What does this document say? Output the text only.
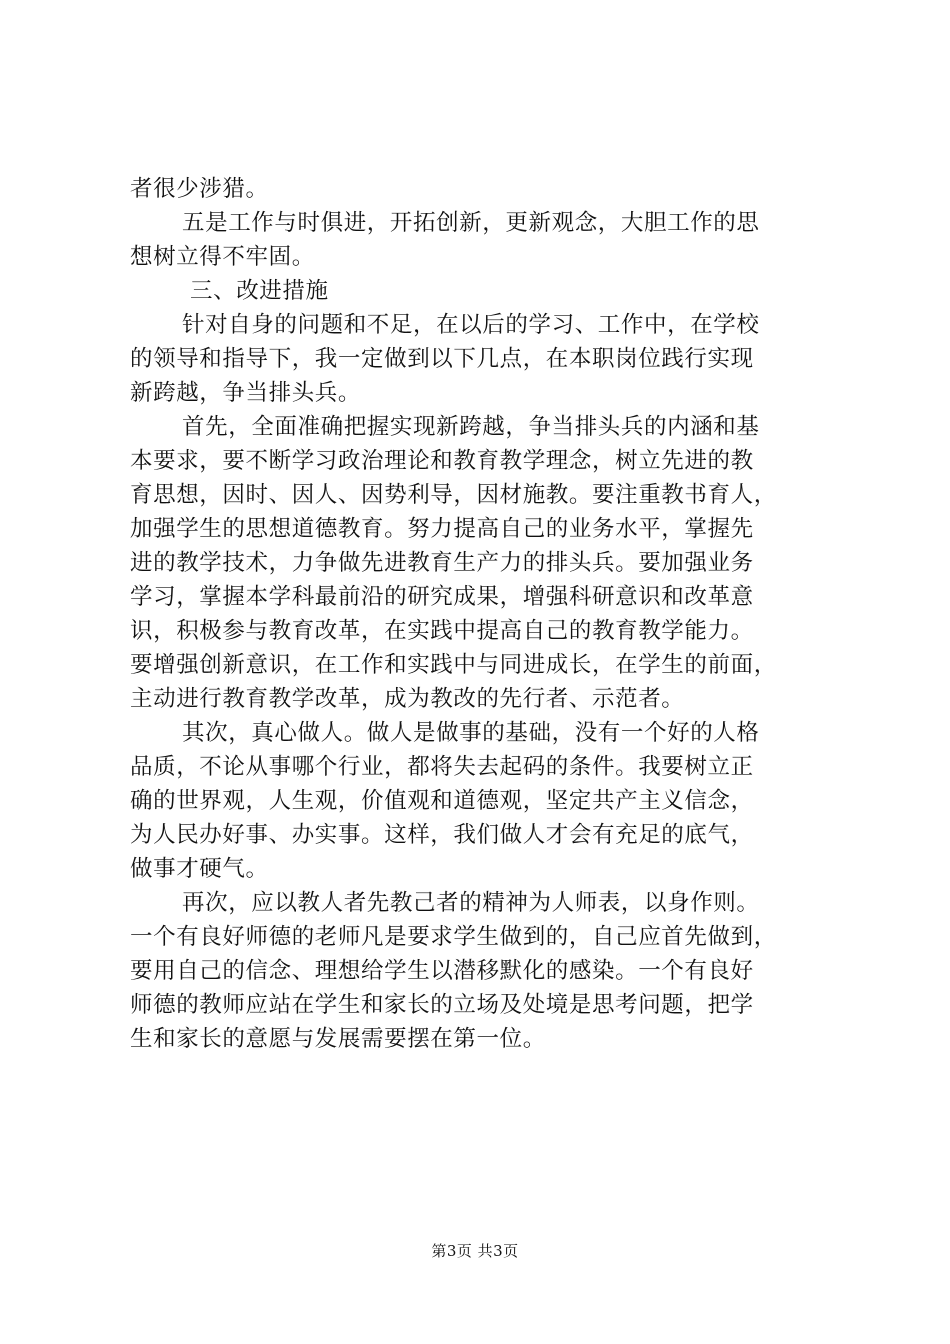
者很少涉猎。
五是工作与时俱进，开拓创新，更新观念，大胆工作的思
想树立得不牢固。
三、改进措施
针对自身的问题和不足，在以后的学习、工作中，在学校
的领导和指导下，我一定做到以下几点，在本职岗位践行实现
新跨越，争当排头兵。
首先，全面准确把握实现新跨越，争当排头兵的内涵和基
本要求，要不断学习政治理论和教育教学理念，树立先进的教
育思想，因时、因人、因势利导，因材施教。要注重教书育人，
加强学生的思想道德教育。努力提高自己的业务水平，掌握先
进的教学技术，力争做先进教育生产力的排头兵。要加强业务
学习，掌握本学科最前沿的研究成果，增强科研意识和改革意
识，积极参与教育改革，在实践中提高自己的教育教学能力。
要增强创新意识，在工作和实践中与同进成长，在学生的前面，
主动进行教育教学改革，成为教改的先行者、示范者。
其次，真心做人。做人是做事的基础，没有一个好的人格
品质，不论从事哪个行业，都将失去起码的条件。我要树立正
确的世界观，人生观，价值观和道德观，坚定共产主义信念，
为人民办好事、办实事。这样，我们做人才会有充足的底气，
做事才硬气。
再次，应以教人者先教己者的精神为人师表，以身作则。
一个有良好师德的老师凡是要求学生做到的，自己应首先做到，
要用自己的信念、理想给学生以潜移默化的感染。一个有良好
师德的教师应站在学生和家长的立场及处境是思考问题，把学
生和家长的意愿与发展需要摆在第一位。
第3页 共3页
